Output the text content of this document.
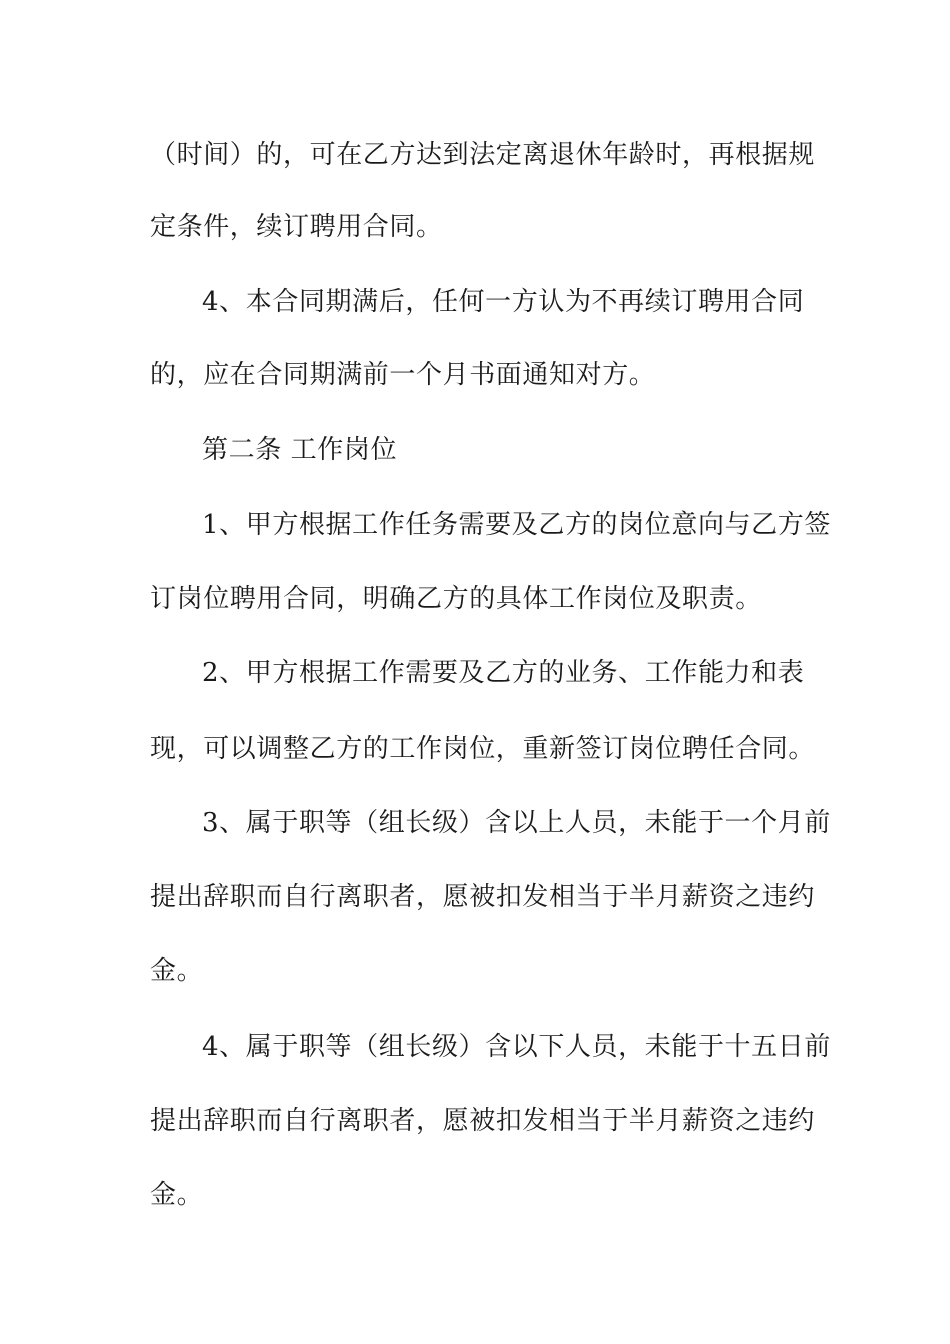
（时间）的，可在乙方达到法定离退休年龄时，再根据规
定条件，续订聘用合同。
4、本合同期满后，任何一方认为不再续订聘用合同
的，应在合同期满前一个月书面通知对方。
第二条 工作岗位
1、甲方根据工作任务需要及乙方的岗位意向与乙方签
订岗位聘用合同，明确乙方的具体工作岗位及职责。
2、甲方根据工作需要及乙方的业务、工作能力和表
现，可以调整乙方的工作岗位，重新签订岗位聘任合同。
3、属于职等（组长级）含以上人员，未能于一个月前
提出辞职而自行离职者，愿被扣发相当于半月薪资之违约
金。
4、属于职等（组长级）含以下人员，未能于十五日前
提出辞职而自行离职者，愿被扣发相当于半月薪资之违约
金。
